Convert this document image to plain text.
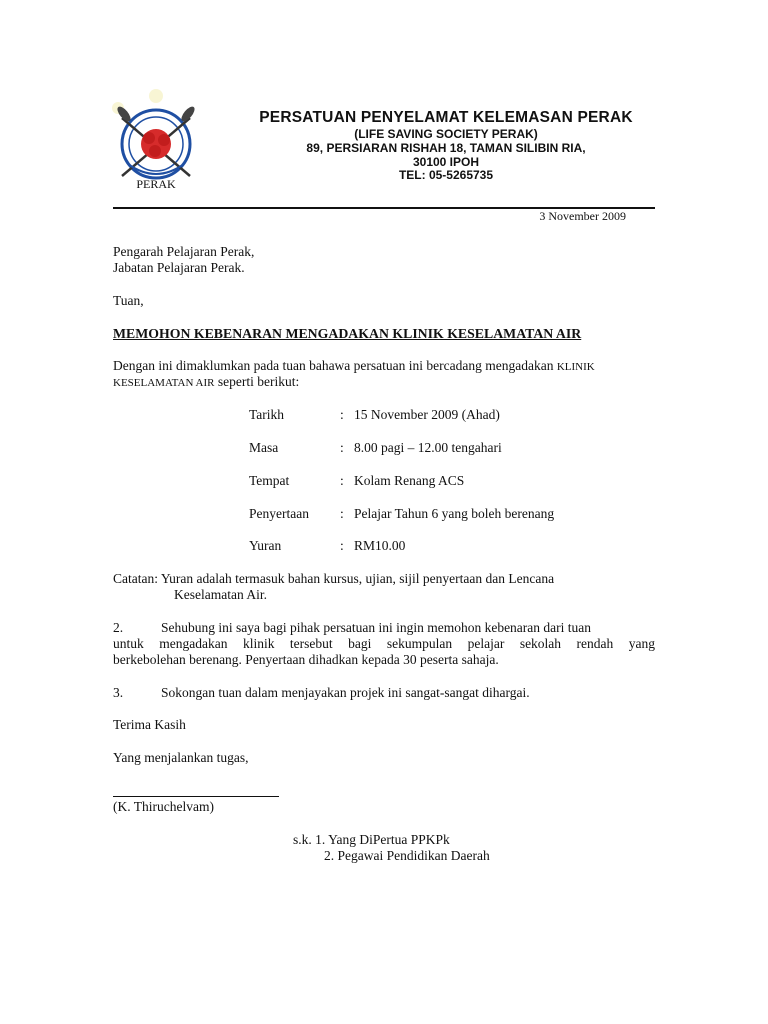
PERAK
PERSATUAN PENYELAMAT KELEMASAN PERAK
(LIFE SAVING SOCIETY PERAK)
89, PERSIARAN RISHAH 18, TAMAN SILIBIN RIA,
30100 IPOH
TEL: 05-5265735
3 November 2009
Pengarah Pelajaran Perak,
Jabatan Pelajaran Perak.
Tuan,
MEMOHON KEBENARAN MENGADAKAN KLINIK KESELAMATAN AIR
Dengan ini dimaklumkan pada tuan bahawa persatuan ini bercadang mengadakan KLINIK
KESELAMATAN AIR seperti berikut:
Tarikh	: 15 November 2009 (Ahad)
Masa	: 8.00 pagi – 12.00 tengahari
Tempat	: Kolam Renang ACS
Penyertaan	: Pelajar Tahun 6 yang boleh berenang
Yuran	: RM10.00
Catatan: Yuran adalah termasuk bahan kursus, ujian, sijil penyertaan dan Lencana
Keselamatan Air.
2.	Sehubung ini saya bagi pihak persatuan ini ingin memohon kebenaran dari tuan
untuk mengadakan klinik tersebut bagi sekumpulan pelajar sekolah rendah yang
berkebolehan berenang. Penyertaan dihadkan kepada 30 peserta sahaja.
3.	Sokongan tuan dalam menjayakan projek ini sangat-sangat dihargai.
Terima Kasih
Yang menjalankan tugas,
(K. Thiruchelvam)
s.k. 1. Yang DiPertua PPKPk
2. Pegawai Pendidikan Daerah
